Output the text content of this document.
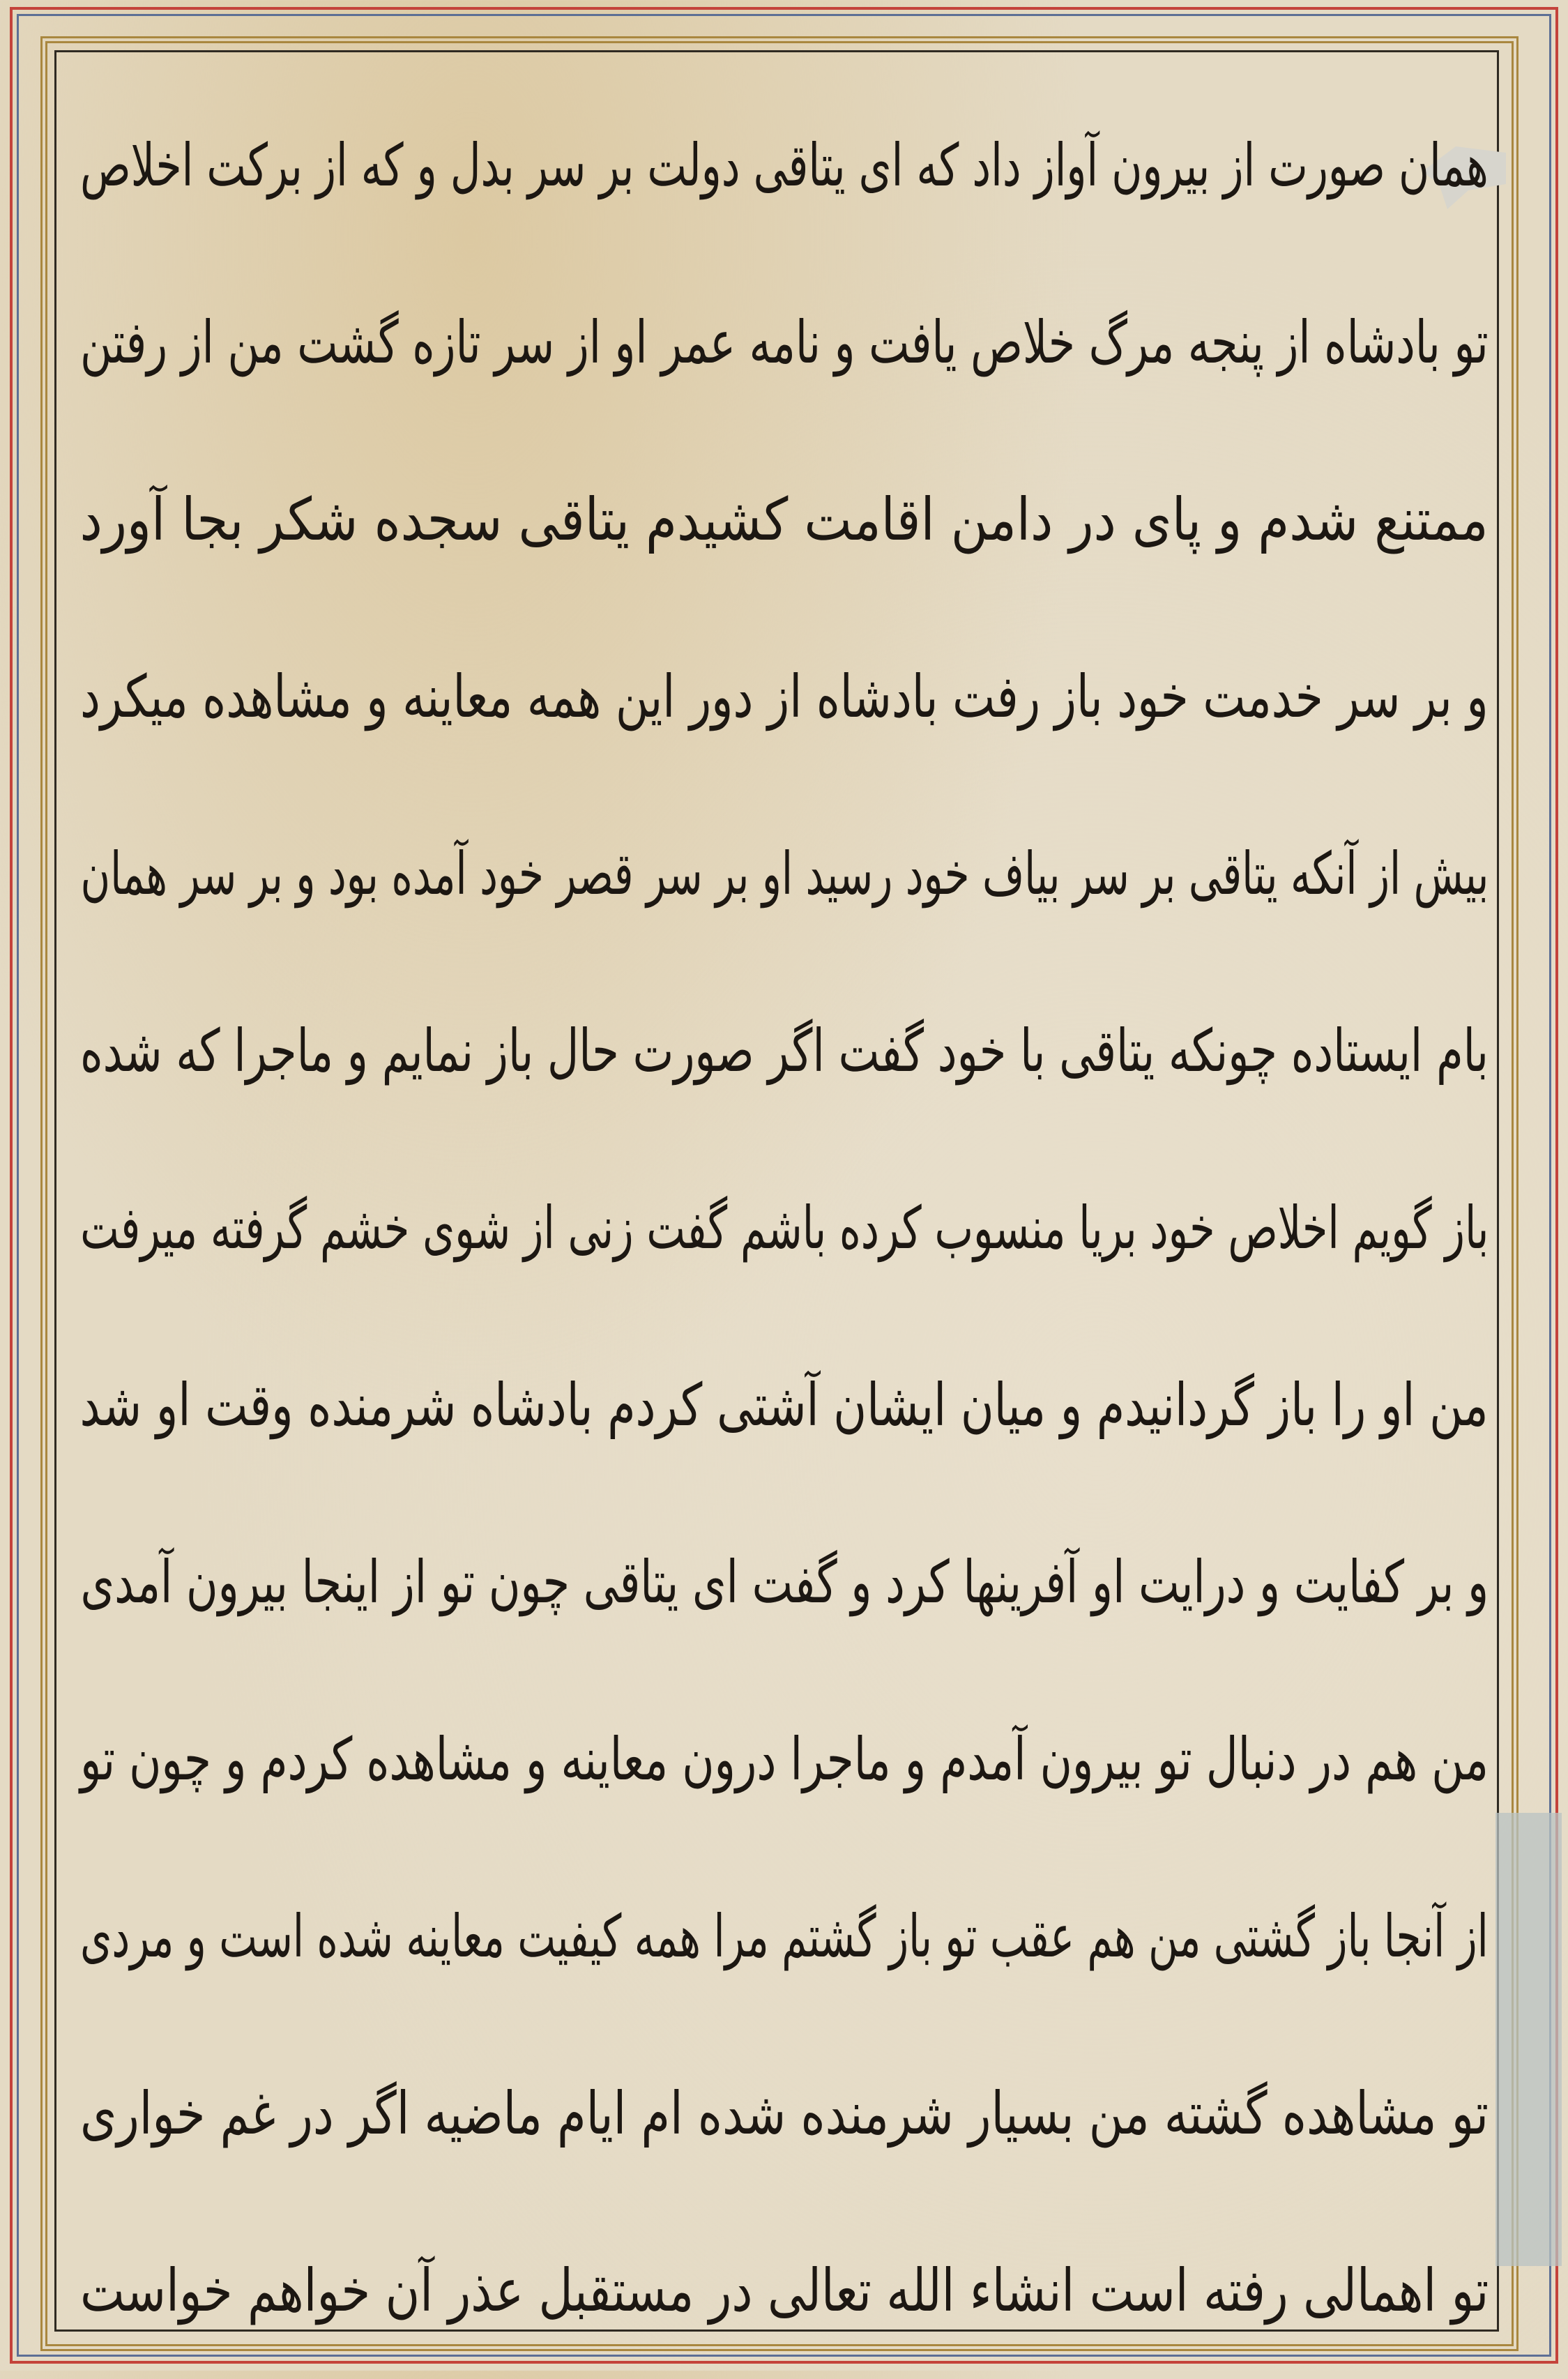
همان صورت از بیرون آواز داد که ای یتاقی دولت بر سر بدل و که از برکت اخلاص
تو بادشاه از پنجه مرگ خلاص یافت و نامه عمر او از سر تازه گشت من از رفتن
ممتنع شدم و پای در دامن اقامت کشیدم یتاقی سجده شکر بجا آورد
و بر سر خدمت خود باز رفت بادشاه از دور این همه معاینه و مشاهده میکرد
بیش از آنکه یتاقی بر سر بیاف خود رسید او بر سر قصر خود آمده بود و بر سر همان
بام ایستاده چونکه یتاقی با خود گفت اگر صورت حال باز نمایم و ماجرا که شده
باز گویم اخلاص خود بریا منسوب کرده باشم گفت زنی از شوی خشم گرفته میرفت
من او را باز گردانیدم و میان ایشان آشتی کردم بادشاه شرمنده وقت او شد
و بر کفایت و درایت او آفرینها کرد و گفت ای یتاقی چون تو از اینجا بیرون آمدی
من هم در دنبال تو بیرون آمدم و ماجرا درون معاینه و مشاهده کردم و چون تو
از آنجا باز گشتی من هم عقب تو باز گشتم مرا همه کیفیت معاینه شده است و مردی
تو مشاهده گشته من بسیار شرمنده شده ام ایام ماضیه اگر در غم خواری
تو اهمالی رفته است انشاء الله تعالی در مستقبل عذر آن خواهم خواست
